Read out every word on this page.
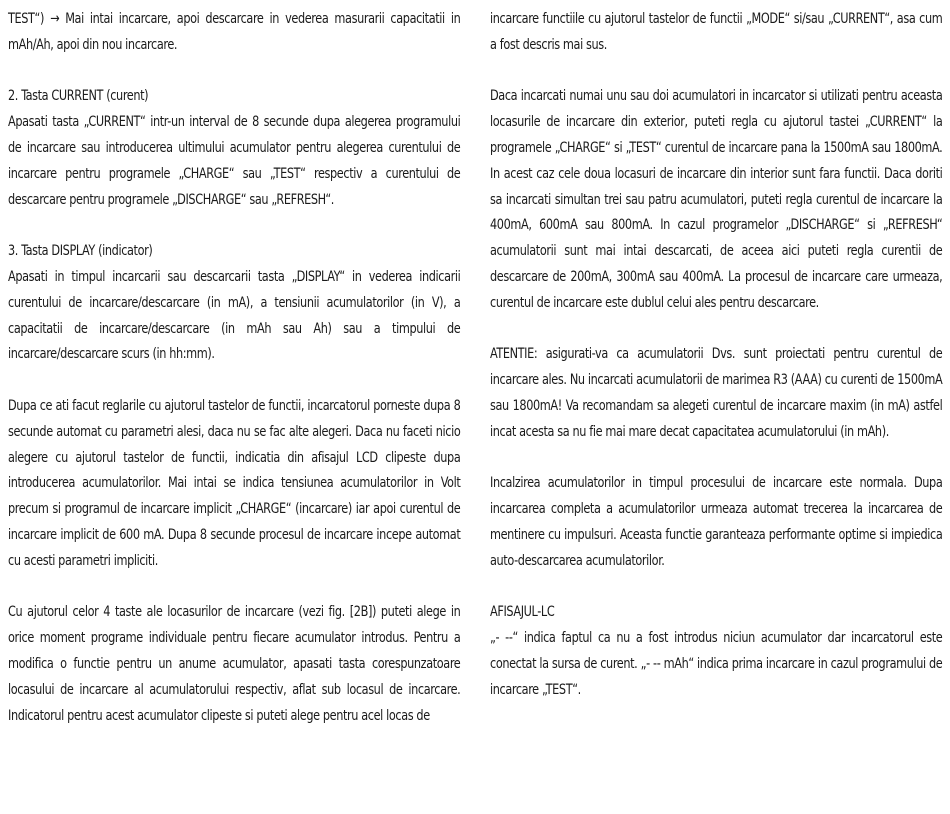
TEST“) → Mai intai incarcare, apoi descarcare in vederea masurarii capacitatii in mAh/Ah, apoi din nou incarcare.

2. Tasta CURRENT (curent)
Apasati tasta „CURRENT“ intr-un interval de 8 secunde dupa alegerea programului de incarcare sau introducerea ultimului acumulator pentru alegerea curentului de incarcare pentru programele „CHARGE“ sau „TEST“ respectiv a curentului de descarcare pentru programele „DISCHARGE“ sau „REFRESH“.

3. Tasta DISPLAY (indicator)
Apasati in timpul incarcarii sau descarcarii tasta „DISPLAY“ in vederea indicarii curentului de incarcare/descarcare (in mA), a tensiunii acumulatorilor (in V), a capacitatii de incarcare/descarcare (in mAh sau Ah) sau a timpului de incarcare/descarcare scurs (in hh:mm).

Dupa ce ati facut reglarile cu ajutorul tastelor de functii, incarcatorul porneste dupa 8 secunde automat cu parametri alesi, daca nu se fac alte alegeri. Daca nu faceti nicio alegere cu ajutorul tastelor de functii, indicatia din afisajul LCD clipeste dupa introducerea acumulatorilor. Mai intai se indica tensiunea acumulatorilor in Volt precum si programul de incarcare implicit „CHARGE“ (incarcare) iar apoi curentul de incarcare implicit de 600 mA. Dupa 8 secunde procesul de incarcare incepe automat cu acesti parametri impliciti.

Cu ajutorul celor 4 taste ale locasurilor de incarcare (vezi fig. [2B]) puteti alege in orice moment programe individuale pentru fiecare acumulator introdus. Pentru a modifica o functie pentru un anume acumulator, apasati tasta corespunzatoare locasului de incarcare al acumulatorului respectiv, aflat sub locasul de incarcare. Indicatorul pentru acest acumulator clipeste si puteti alege pentru acel locas de

incarcare functiile cu ajutorul tastelor de functii „MODE“ si/sau „CURRENT“, asa cum a fost descris mai sus.

Daca incarcati numai unu sau doi acumulatori in incarcator si utilizati pentru aceasta locasurile de incarcare din exterior, puteti regla cu ajutorul tastei „CURRENT“ la programele „CHARGE“ si „TEST“ curentul de incarcare pana la 1500mA sau 1800mA. In acest caz cele doua locasuri de incarcare din interior sunt fara functii. Daca doriti sa incarcati simultan trei sau patru acumulatori, puteti regla curentul de incarcare la 400mA, 600mA sau 800mA. In cazul programelor „DISCHARGE“ si „REFRESH“ acumulatorii sunt mai intai descarcati, de aceea aici puteti regla curentii de descarcare de 200mA, 300mA sau 400mA. La procesul de incarcare care urmeaza, curentul de incarcare este dublul celui ales pentru descarcare.

ATENTIE: asigurati-va ca acumulatorii Dvs. sunt proiectati pentru curentul de incarcare ales. Nu incarcati acumulatorii de marimea R3 (AAA) cu curenti de 1500mA sau 1800mA! Va recomandam sa alegeti curentul de incarcare maxim (in mA) astfel incat acesta sa nu fie mai mare decat capacitatea acumulatorului (in mAh).

Incalzirea acumulatorilor in timpul procesului de incarcare este normala. Dupa incarcarea completa a acumulatorilor urmeaza automat trecerea la incarcarea de mentinere cu impulsuri. Aceasta functie garanteaza performante optime si impiedica auto-descarcarea acumulatorilor.

AFISAJUL-LC
„- --“ indica faptul ca nu a fost introdus niciun acumulator dar incarcatorul este conectat la sursa de curent. „- -- mAh“ indica prima incarcare in cazul programului de incarcare „TEST“.
